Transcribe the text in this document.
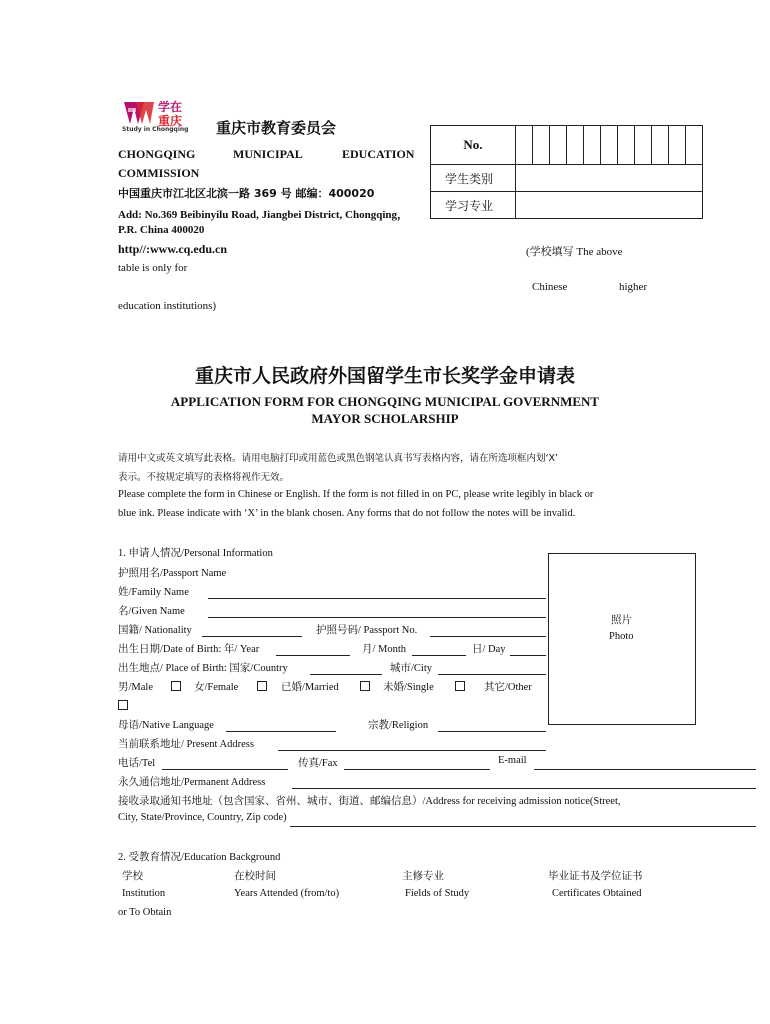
学在
重庆
Study in Chongqing 重庆市教育委员会
CHONGQING	MUNICIPAL	EDUCATION
COMMISSION
中国重庆市江北区北滨一路 369 号 邮编：400020
Add: No.369 Beibinyilu Road, Jiangbei District, Chongqing，
P.R. China 400020
http//:www.cq.edu.cn
No.											
学生类别											
学习专业											
(学校填写 The above
table is only for
Chinese	higher
education institutions)
重庆市人民政府外国留学生市长奖学金申请表
APPLICATION FORM FOR CHONGQING MUNICIPAL GOVERNMENT
MAYOR SCHOLARSHIP
请用中文或英文填写此表格。请用电脑打印或用蓝色或黑色钢笔认真书写表格内容，请在所选项框内划‘X’
表示。不按规定填写的表格将视作无效。
Please complete the form in Chinese or English. If the form is not filled in on PC, please write legibly in black or
blue ink. Please indicate with ‘X’ in the blank chosen. Any forms that do not follow the notes will be invalid.
1. 申请人情况/Personal Information
照片
Photo
护照用名/Passport Name
姓/Family Name
名/Given Name
国籍/ Nationality	护照号码/ Passport No.
出生日期/Date of Birth: 年/ Year	月/ Month	日/ Day
出生地点/ Place of Birth: 国家/Country	城市/City
男/Male	女/Female	已婚/Married	未婚/Single	其它/Other
母语/Native Language	宗教/Religion
当前联系地址/ Present Address
电话/Tel	传真/Fax	E-mail
永久通信地址/Permanent Address
接收录取通知书地址（包含国家、省州、城市、街道、邮编信息）/Address for receiving admission notice(Street,
City, State/Province, Country, Zip code)
2. 受教育情况/Education Background
学校	在校时间	主修专业	毕业证书及学位证书
Institution	Years Attended (from/to)	Fields of Study	Certificates Obtained
or To Obtain
